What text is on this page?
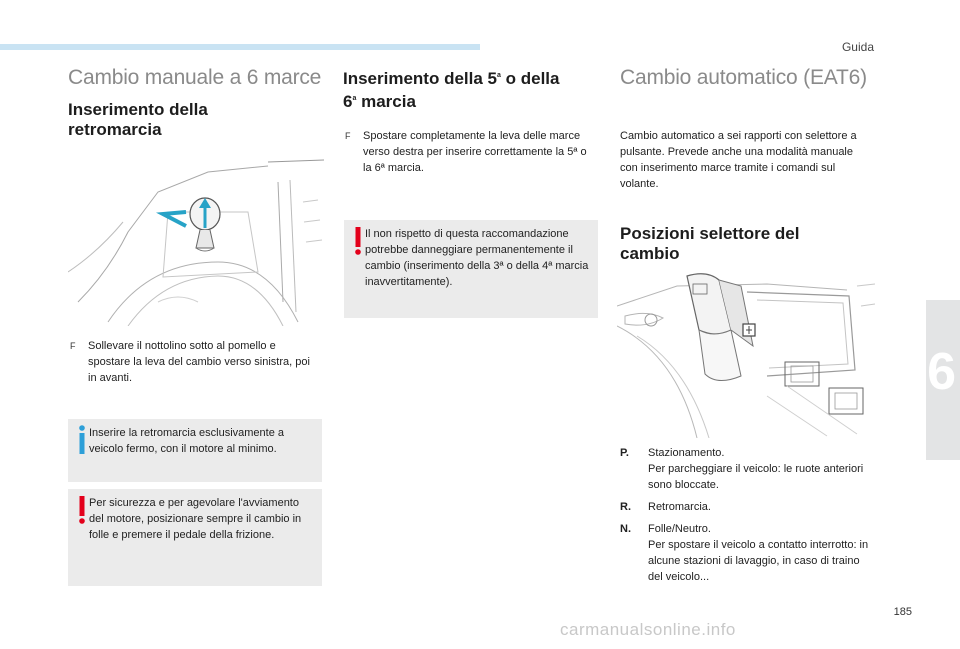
Guida
6
Cambio manuale a 6 marce
Inserimento della retromarcia
F Sollevare il nottolino sotto al pomello e spostare la leva del cambio verso sinistra, poi in avanti.
Inserire la retromarcia esclusivamente a veicolo fermo, con il motore al minimo.
Per sicurezza e per agevolare l'avviamento del motore, posizionare sempre il cambio in folle e premere il pedale della frizione.
Inserimento della 5$^a$ o della
6$^a$ marcia
F Spostare completamente la leva delle marce verso destra per inserire correttamente la 5ª o la 6ª marcia.
Il non rispetto di questa raccomandazione potrebbe danneggiare permanentemente il cambio (inserimento della 3ª o della 4ª marcia inavvertitamente).
Cambio automatico (EAT6)

Cambio automatico a sei rapporti con selettore a pulsante. Prevede anche una modalità manuale con inserimento marce tramite i comandi sul volante.

Posizioni selettore del cambio
P. Stazionamento.
Per parcheggiare il veicolo: le ruote anteriori sono bloccate.
R. Retromarcia.
N. Folle/Neutro.
Per spostare il veicolo a contatto interrotto: in alcune stazioni di lavaggio, in caso di traino del veicolo...
185
carmanualsonline.info
